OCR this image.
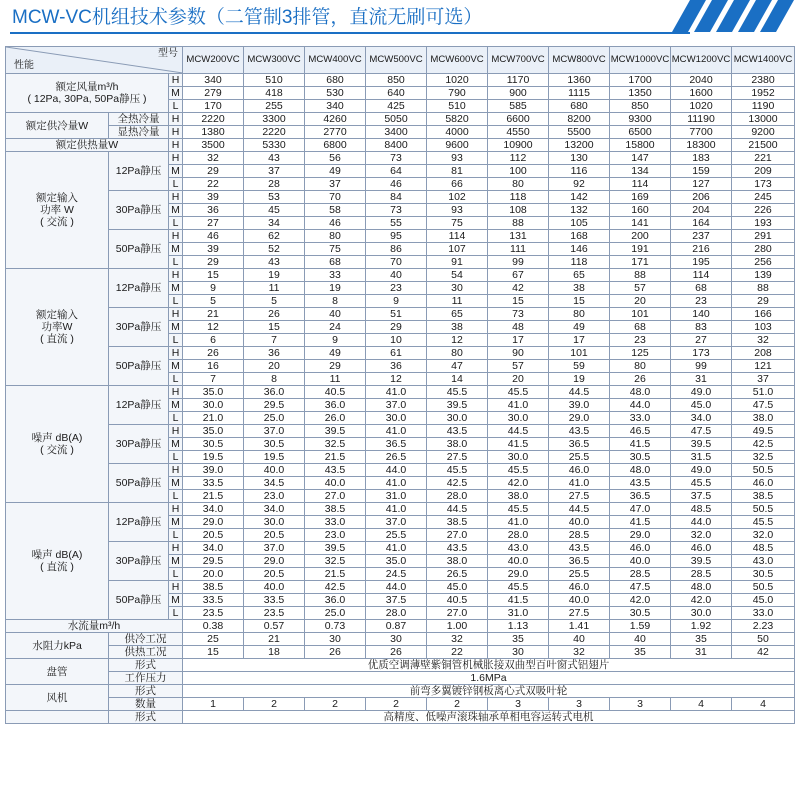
MCW-VC机组技术参数（二管制3排管，直流无刷可选）
型号
性能			MCW200VC	MCW300VC	MCW400VC	MCW500VC	MCW600VC	MCW700VC	MCW800VC	MCW1000VC	MCW1200VC	MCW1400VC
额定风量m³/h
( 12Pa, 30Pa, 50Pa静压 )		H	340	510	680	850	1020	1170	1360	1700	2040	2380
		M	279	418	530	640	790	900	1115	1350	1600	1952
		L	170	255	340	425	510	585	680	850	1020	1190
额定供冷量W	全热冷量	H	2220	3300	4260	5050	5820	6600	8200	9300	11190	13000
	显热冷量	H	1380	2220	2770	3400	4000	4550	5500	6500	7700	9200
额定供热量W		H	3500	5330	6800	8400	9600	10900	13200	15800	18300	21500
额定输入
功率 W
( 交流 )	12Pa静压	H	32	43	56	73	93	112	130	147	183	221
		M	29	37	49	64	81	100	116	134	159	209
		L	22	28	37	46	66	80	92	114	127	173
	30Pa静压	H	39	53	70	84	102	118	142	169	206	245
		M	36	45	58	73	93	108	132	160	204	226
		L	27	34	46	55	75	88	105	141	164	193
	50Pa静压	H	46	62	80	95	114	131	168	200	237	291
		M	39	52	75	86	107	111	146	191	216	280
		L	29	43	68	70	91	99	118	171	195	256
额定输入
功率W
( 直流 )	12Pa静压	H	15	19	33	40	54	67	65	88	114	139
		M	9	11	19	23	30	42	38	57	68	88
		L	5	5	8	9	11	15	15	20	23	29
	30Pa静压	H	21	26	40	51	65	73	80	101	140	166
		M	12	15	24	29	38	48	49	68	83	103
		L	6	7	9	10	12	17	17	23	27	32
	50Pa静压	H	26	36	49	61	80	90	101	125	173	208
		M	16	20	29	36	47	57	59	80	99	121
		L	7	8	11	12	14	20	19	26	31	37
噪声 dB(A)
( 交流 )	12Pa静压	H	35.0	36.0	40.5	41.0	45.5	45.5	44.5	48.0	49.0	51.0
		M	30.0	29.5	36.0	37.0	39.5	41.0	39.0	44.0	45.0	47.5
		L	21.0	25.0	26.0	30.0	30.0	30.0	29.0	33.0	34.0	38.0
	30Pa静压	H	35.0	37.0	39.5	41.0	43.5	44.5	43.5	46.5	47.5	49.5
		M	30.5	30.5	32.5	36.5	38.0	41.5	36.5	41.5	39.5	42.5
		L	19.5	19.5	21.5	26.5	27.5	30.0	25.5	30.5	31.5	32.5
	50Pa静压	H	39.0	40.0	43.5	44.0	45.5	45.5	46.0	48.0	49.0	50.5
		M	33.5	34.5	40.0	41.0	42.5	42.0	41.0	43.5	45.5	46.0
		L	21.5	23.0	27.0	31.0	28.0	38.0	27.5	36.5	37.5	38.5
噪声 dB(A)
( 直流 )	12Pa静压	H	34.0	34.0	38.5	41.0	44.5	45.5	44.5	47.0	48.5	50.5
		M	29.0	30.0	33.0	37.0	38.5	41.0	40.0	41.5	44.0	45.5
		L	20.5	20.5	23.0	25.5	27.0	28.0	28.5	29.0	32.0	32.0
	30Pa静压	H	34.0	37.0	39.5	41.0	43.5	43.0	43.5	46.0	46.0	48.5
		M	29.5	29.0	32.5	35.0	38.0	40.0	36.5	40.0	39.5	43.0
		L	20.0	20.5	21.5	24.5	26.5	29.0	25.5	28.5	28.5	30.5
	50Pa静压	H	38.5	40.0	42.5	44.0	45.0	45.5	46.0	47.5	48.0	50.5
		M	33.5	33.5	36.0	37.5	40.5	41.5	40.0	42.0	42.0	45.0
		L	23.5	23.5	25.0	28.0	27.0	31.0	27.5	30.5	30.0	33.0
水流量m³/h			0.38	0.57	0.73	0.87	1.00	1.13	1.41	1.59	1.92	2.23
水阻力kPa	供冷工况		25	21	30	30	32	35	40	40	35	50
	供热工况		15	18	26	26	22	30	32	35	31	42
盘管	形式		优质空调薄壁紫铜管机械胀接双曲型百叶窗式铝翅片									
	工作压力		1.6MPa									
风机	形式		前弯多翼镀锌钢板离心式双吸叶轮									
	数量		1	2	2	2	2	3	3	3	4	4
	形式		高精度、低噪声滚珠轴承单相电容运转式电机									
